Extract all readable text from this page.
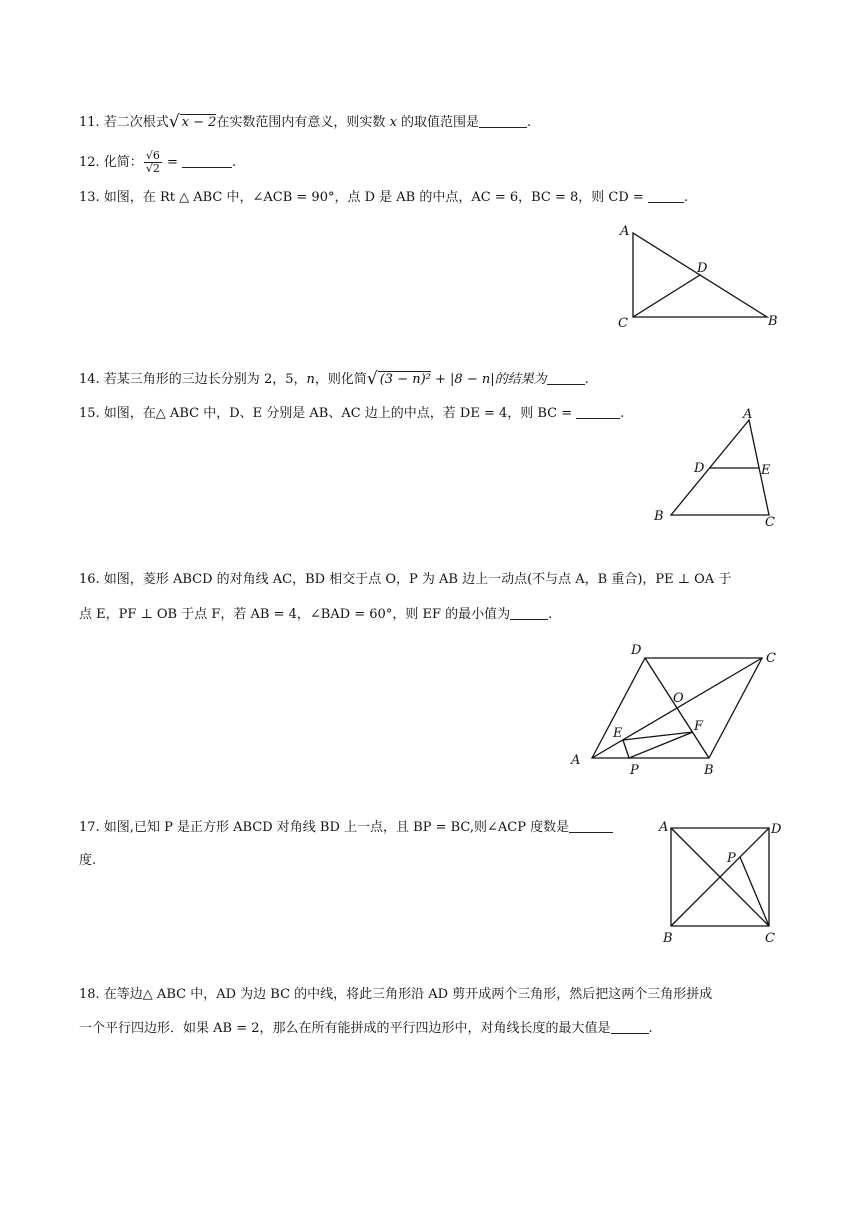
11. 若二次根式√ x − 2在实数范围内有意义，则实数 x 的取值范围是	.
12. 化简： $\frac{√6}{√2}$ =	.
13. 如图，在 Rt △ ABC 中，∠ACB = 90°，点 D 是 AB 的中点，AC = 6，BC = 8，则 CD =	.
A
D
C	B
14. 若某三角形的三边长分别为 2，5，n，则化简√ (3 − n)² + |8 − n|的结果为	.
15. 如图，在△ ABC 中，D、E 分别是 AB、AC 边上的中点，若 DE = 4，则 BC =	.	A
D	E
B	C
16. 如图，菱形 ABCD 的对角线 AC，BD 相交于点 O，P 为 AB 边上一动点(不与点 A，B 重合)，PE ⊥ OA 于
点 E，PF ⊥ OB 于点 F，若 AB = 4，∠BAD = 60°，则 EF 的最小值为	.
D
C
O
F
E
A
P	B
17. 如图,已知 P 是正方形 ABCD 对角线 BD 上一点，且 BP = BC,则∠ACP 度数是
度.
A	D
P
B	C
18. 在等边△ ABC 中，AD 为边 BC 的中线，将此三角形沿 AD 剪开成两个三角形，然后把这两个三角形拼成
一个平行四边形．如果 AB = 2，那么在所有能拼成的平行四边形中，对角线长度的最大值是	.
